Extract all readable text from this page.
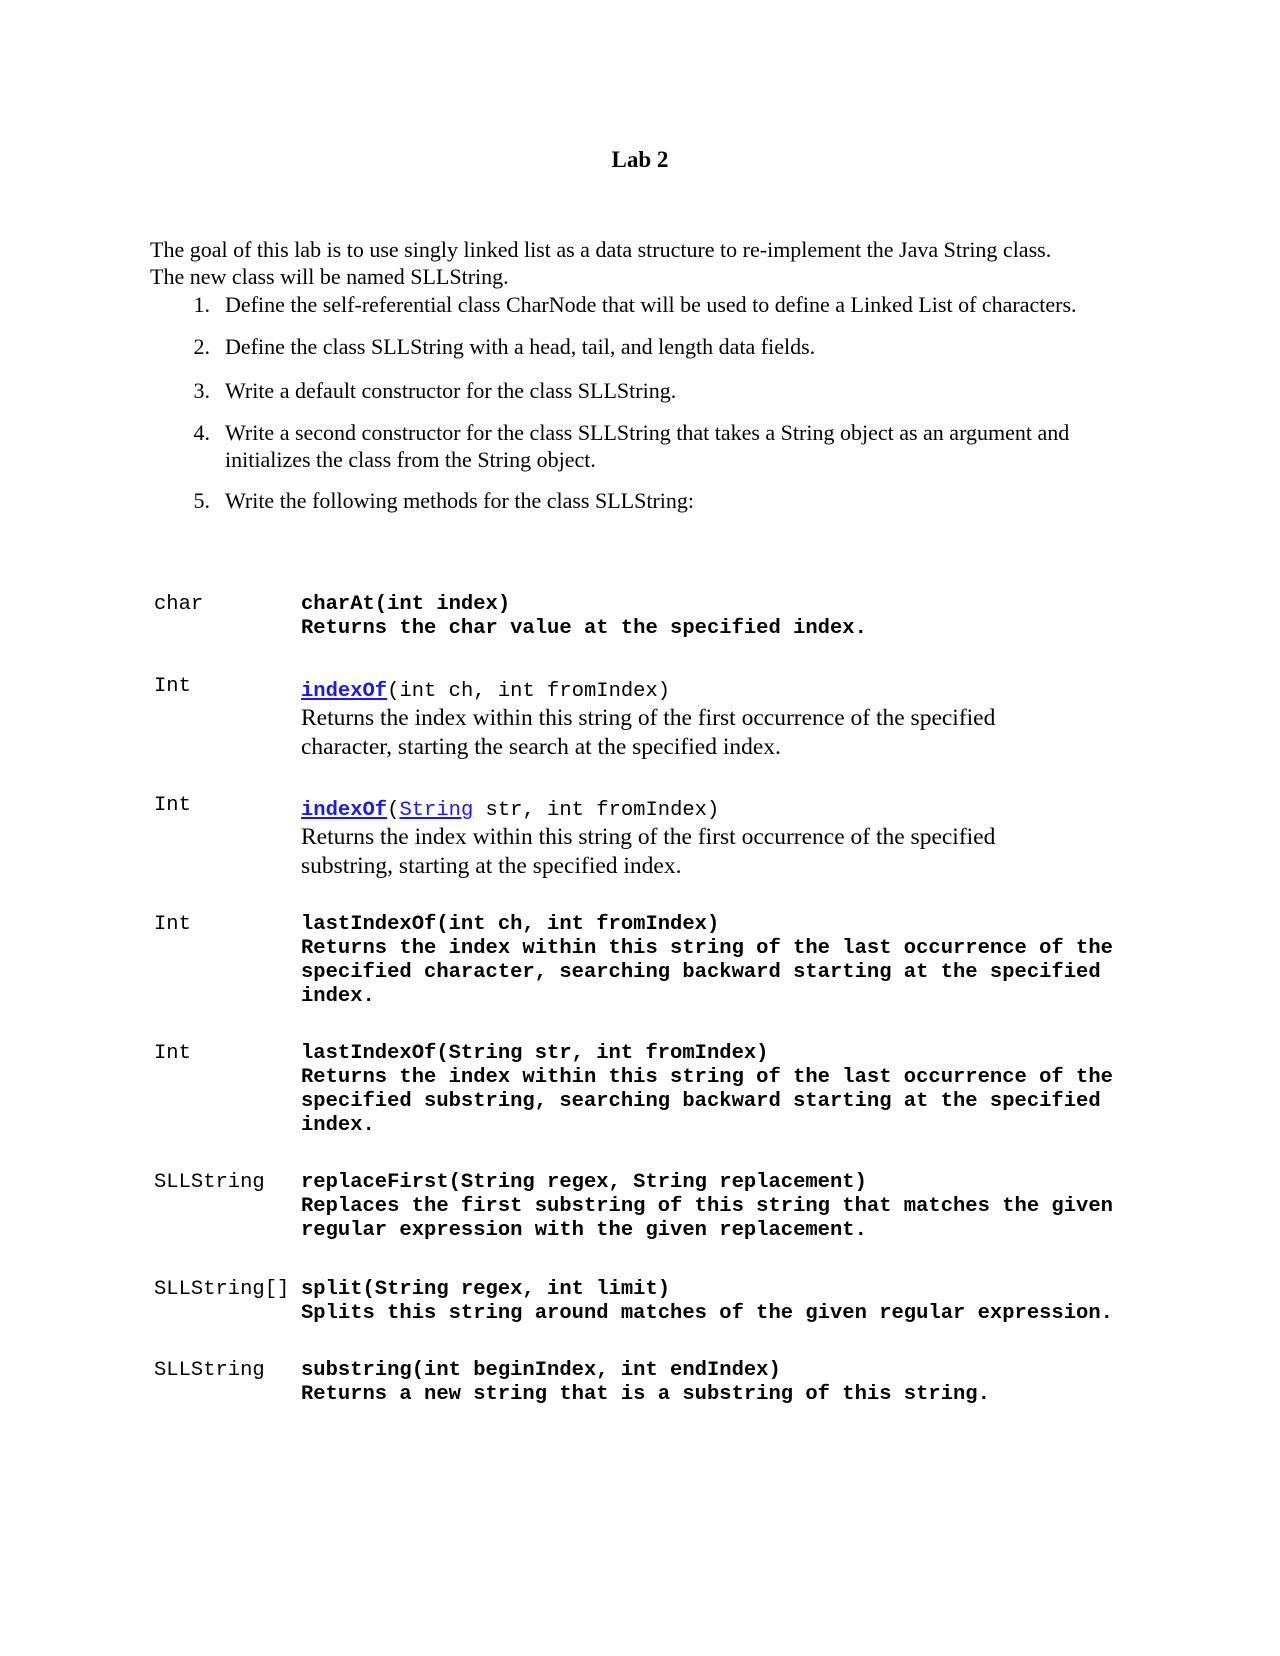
Lab 2
The goal of this lab is to use singly linked list as a data structure to re-implement the Java String class.
The new class will be named SLLString.
1. Define the self-referential class CharNode that will be used to define a Linked List of characters.
2. Define the class SLLString with a head, tail, and length data fields.
3. Write a default constructor for the class SLLString.
4. Write a second constructor for the class SLLString that takes a String object as an argument and
initializes the class from the String object.
5. Write the following methods for the class SLLString:
char	charAt(int index)
Returns the char value at the specified index.
Int	indexOf(int ch, int fromIndex)
Returns the index within this string of the first occurrence of the specified
character, starting the search at the specified index.
Int	indexOf(String str, int fromIndex)
Returns the index within this string of the first occurrence of the specified
substring, starting at the specified index.
Int	lastIndexOf(int ch, int fromIndex)
Returns the index within this string of the last occurrence of the
specified character, searching backward starting at the specified
index.
Int	lastIndexOf(String str, int fromIndex)
Returns the index within this string of the last occurrence of the
specified substring, searching backward starting at the specified
index.
SLLString replaceFirst(String regex, String replacement)
Replaces the first substring of this string that matches the given
regular expression with the given replacement.
SLLString[] split(String regex, int limit)
Splits this string around matches of the given regular expression.
SLLString substring(int beginIndex, int endIndex)
Returns a new string that is a substring of this string.
